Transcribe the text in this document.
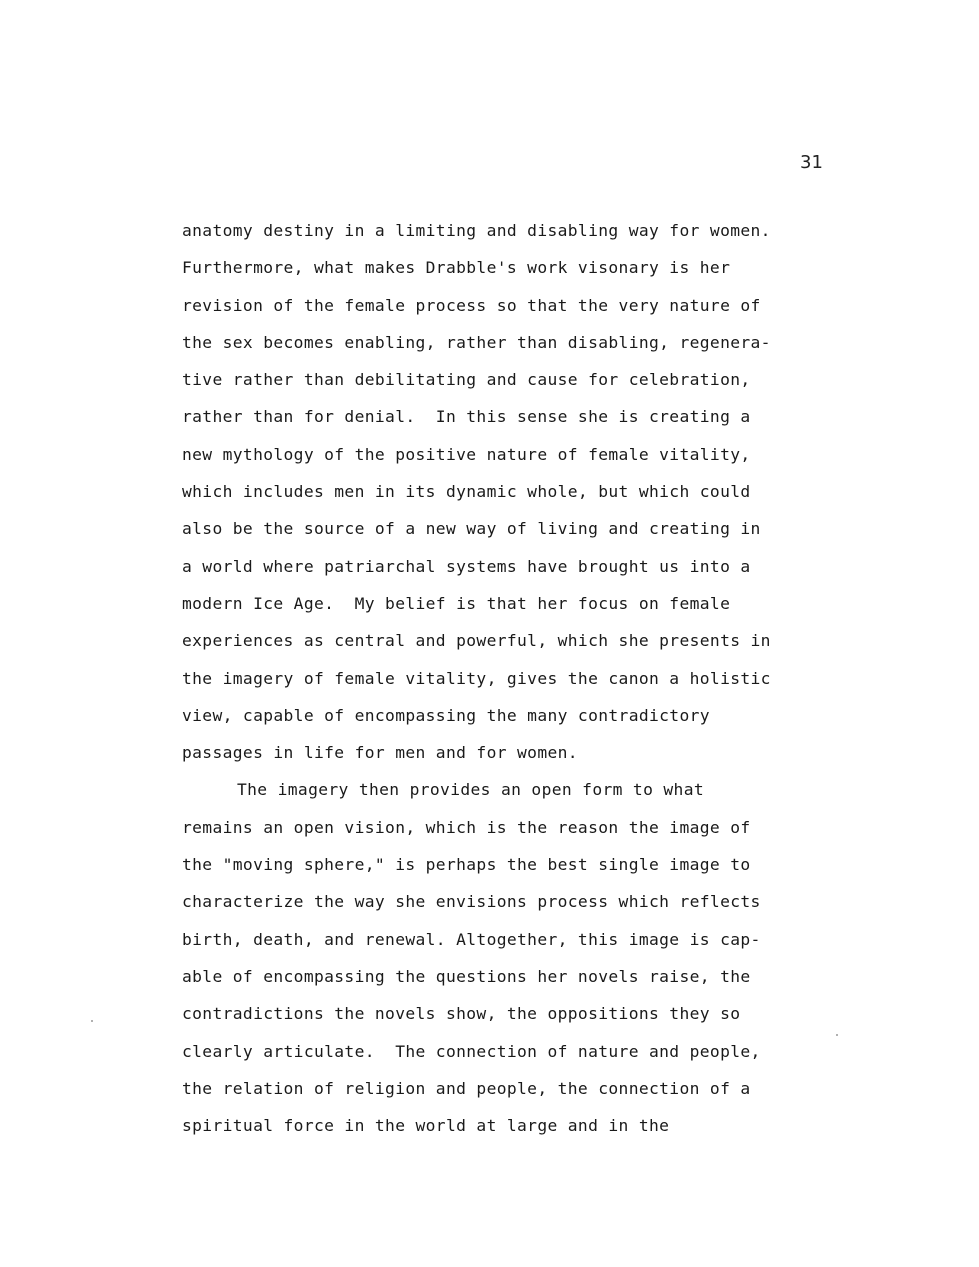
31
anatomy destiny in a limiting and disabling way for women.
Furthermore, what makes Drabble's work visonary is her
revision of the female process so that the very nature of
the sex becomes enabling, rather than disabling, regenera-
tive rather than debilitating and cause for celebration,
rather than for denial.  In this sense she is creating a
new mythology of the positive nature of female vitality,
which includes men in its dynamic whole, but which could
also be the source of a new way of living and creating in
a world where patriarchal systems have brought us into a
modern Ice Age.  My belief is that her focus on female
experiences as central and powerful, which she presents in
the imagery of female vitality, gives the canon a holistic
view, capable of encompassing the many contradictory
passages in life for men and for women.
The imagery then provides an open form to what
remains an open vision, which is the reason the image of
the "moving sphere," is perhaps the best single image to
characterize the way she envisions process which reflects
birth, death, and renewal. Altogether, this image is cap-
able of encompassing the questions her novels raise, the
contradictions the novels show, the oppositions they so
clearly articulate.  The connection of nature and people,
the relation of religion and people, the connection of a
spiritual force in the world at large and in the
